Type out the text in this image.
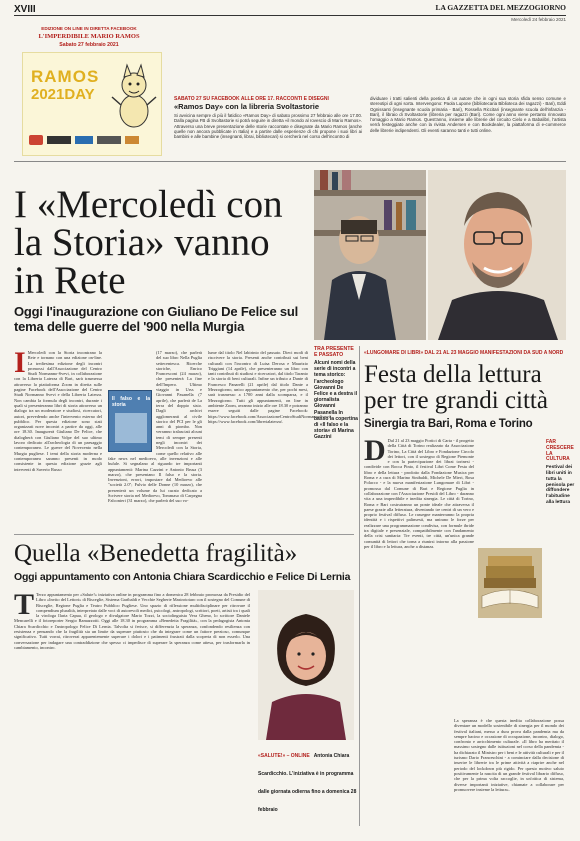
XVIII	LA GAZZETTA DEL MEZZOGIORNO
Mercoledì 24 febbraio 2021
EDIZIONE ON LINE IN DIRETTA FACEBOOK
L'IMPERDIBILE MARIO RAMOS
Sabato 27 febbraio 2021
RAMOS
2021DAY	SABATO 27 SU FACEBOOK ALLE ORE 17. RACCONTI E DISEGNI
«Ramos Day» con la libreria Svoltastorie
Si avvicina sempre di più il fatidico «Ramos Day» di sabato prossimo 27 febbraio alle ore 17.00. Dalla pagina FB di Svoltastorie si potrà seguire in diretta «il mondo al rovescio di Mario Ramos». Attraverso una breve presentazione delle storie raccontate e disegnate da Mario Ramos (anche quelle non ancora pubblicate in Italia) e a partire dalle esperienze di chi propone i suoi libri ai bambini e alle bambine (insegnanti, librai, bibliotecari) si cercherà nel corso dell'incontro di
dividuare i tratti salienti della poetica di un autore che in ogni sua storia sfida senso comune e stereotipi di ogni sorta. Intervengono: Paola Lupone (bibliotecaria Biblioteca dei ragazzi) - Bari), Eddi Ognissanti (insegnante scuola primaria - Bari), Rossella Riccitari (insegnante scuola dell'infanzia - Bari), il libraio di Svoltastorie (libreria per ragazzi (Bari). Come ogni anno viene pertanto rinnovato l'omaggio a Mario Ramos. Quest'anno, insieme alle librerie del circuito Cielo e a Babalibri, l'artista verrà festeggiato anche con la rivista Andersen e con Bookdealer, la piattaforma di e-commerce delle librerie indipendenti. Gli eventi saranno tanti e tutti online.
I «Mercoledì con la Storia» vanno in Rete
Oggi l'inaugurazione con Giuliano De Felice sul tema delle guerre del '900 nella Murgia
TRA PRESENTE E PASSATO
Alcuni nomi della serie di incontri a tema storico: l'archeologo Giovanni De Felice e a destra il giornalista Giovanni Pasanella In basso la copertina di «Il falso e la storia» di Marina Gazzini
I Mercoledì con la Storia incontrano la Rete e tornano con una edizione on-line. La trediesima edizione degli incontri promossi dall'Associazione del Centro Studi Normanno-Svevi, in collaborazione con la Libreria Laterza di Bari, sarà trasmessa attraverso la piattaforma Zoom in diretta sulle pagine Facebook dell'Associazione del Centro Studi Normanno Svevi e della Libreria Laterza. Non cambia la formula degli incontri, durante i quali si presenteranno libri di storia attraverso un dialogo tra un moderatore e studiosi, ricercatori, autori, prevedendo anche l'intervento esterno del pubblico. Per questa edizione sono stati organizzati nove incontri a partire da oggi, alle ore 18.30. Inaugurerà Giuliano De Felice, che dialogherà con Giuliano Volpe del suo ultimo lavoro dedicato all'archeologia di un paesaggio contemporaneo. Le guerre del Novecento nella Murgia pugliese. I temi della storia moderna e contemporanea saranno presenti in modo consistente in questa edizione grazie agli interventi di Saverio Russo
Il falso e la storia
(17 marzo), che parlerà del suo libro Nella Puglia settecentesca. Ricerche storiche, Enrico Francesconi (24 marzo), che presenterà La fine dell'Impero. Ultimo viaggio in Urss e Giovanni Pasanella (7 aprile), che parlerà de La terra del doppio sisto. Dagli archivi agglomeranti al civile storico del PCI per le gli anni di piombo. Non verranno tralasciati alcuni temi di sempre presenti negli incontri dei Mercoledì con la Storia, come quello relativo alle fake news nel medioevo, alle invenzioni e alle bufale. Si segnalano al riguardo tre importanti appuntamenti: Marina Cazzini e Antonio Brusa (3 marzo), che presentano Il falso e la storia. Invenzioni, errori, impostare dal Medioevo alle "società 2.0"; Fulvio delle Donne (10 marzo), che presenterà un volume da lui curato dedicato a Scrivere storia nel Medioevo, Tommaso di Carpegna Falconieri (31 marzo), che parlerà del suo vo-
lume dal titolo Nel labirinto del passato. Dieci modi di riscrivere la storia. Presenti anche contributi sui beni culturali con l'incontro di Luisa Derosa e Maurizio Triggiani (14 aprile), che presenteranno un libro con tanti contributi di studiosi e ricercatori, dal titolo Taranto e la storia di beni culturali. Infine un tributo a Dante di Francesco Panarelli (21 aprile) dal titolo Dante a Mezzogiorno, unico appuntamento che, per pochi mesi, sarà trasmesso a 1700 anni dalla scomparsa, e il Mezzogiorno. Tutti gli appuntamenti, on line in ambiente Zoom, avranno inizio alle ore 18.30 e potranno essere seguiti dalle pagine Facebook: https://www.facebook.com/AssociazioneCentroStudiNormannoSvevi/, https://www.facebook.com/librerialaterza/.
«LUNGOMARE DI LIBRI» DAL 21 AL 23 MAGGIO MANIFESTAZIONI DA SUD A NORD
Festa della lettura per tre grandi città
Sinergia tra Bari, Roma e Torino
D Dal 21 al 23 maggio Portici di Carta - il progetto della Città di Torino realizzato da Associazione Torino, La Città del Libro e Fondazione Circolo dei lettori, con il sostegno di Regione Piemonte e con la partecipazione dei librai torinesi - condivide con Rocca Pinto, il festival Libri Come Festa del libro e della lettura - prodotto dalla Fondazione Musica per Roma e a cura di Marino Sinibaldi, Michele De Mieri, Rosa Polacco - e la nuova manifestazione Lungomare di Libri - promossa dal Comune di Bari e Regione Puglia in collaborazione con l'Associazione Presidi del Libro - daranno vita a una imperdibile e inedita sinergia. Le città di Torino, Roma e Bari costruiranno un ponte ideale che attraversa il paese grazie alla letteratura, diventando tre centri di un vero e proprio festival diffuso. Le rassegne manterranno la propria identità e i rispettivi palinsesti, ma unirano le forze per realizzare una programmazione condivisa, con formule ibride tra digitale e presenziale, compatibilmente con l'andamento della crisi sanitaria: Tre eventi, tre città, un'unica grande comunità di lettori che torna a riunirsi intorno alla passione per il libro e la lettura, anche a distanza.
La speranza è che questa inedita collaborazione possa diventare un modello sostenibile di sinergia per il mondo dei festival italiani, messo a dura prova dalla pandemia ma da sempre bacino e occasione di occupazione, incontro, dialogo, confronto e arricchimento culturale. «Il libro ha meritato il massimo sostegno dalle istituzioni nel corso della pandemia - ha dichiarato il Ministro per i beni e le attività culturali e per il turismo Dario Franceschini - a cominciare dalla decisione di inserire le librerie tra le prime attività a riaprire anche nel periodo del lockdown più rigido. Per questo motivo saluto positivamente la nascita di un grande festival librario diffuso, che per la prima volta raccoglie, in un'ottica di sistema, diverse importanti iniziative, chiamate a collaborare per promuovere insieme la lettura».
FAR CRESCERE LA CULTURA
Festival dei libri uniti in tutta la penisola per diffondere l'abitudine alla lettura
Quella «Benedetta fragilità»
Oggi appuntamento con Antonia Chiara Scardicchio e Felice Di Lernia
T Terzo appuntamento per «Salute!» iniziativa online in programma fino a domenica 28 febbraio promossa da Presidio del Libro «Invito del Lettori» di Bisceglie, Sistema Garibaldi e Vecchie Segherie Mastrototaro con il sostegno del Comune di Bisceglie, Regione Puglia e Teatro Pubblico Pugliese. Uno spazio di riflessione multidisciplinare per ritrovare il compendium pluralità, interpretato dalle voci di autorevoli medici, psicologi, antropologi, scrittori, poeti, artisti tra i quali la virologa Ilaria Capua, il geologo e divulgatore Mario Tozzi, la sociolinguista Vera Gheno, lo scrittore Daniele Mencarelli e il fotoreporter Sergio Ramazzotti. Oggi alle 18.30 in programma «Benedetta Fragilità», con la pedagogista Antonia Chiara Scardicchio e l'antropologo Felice Di Lernia. Talvolta si ferisce, si differenzia la speranza, confondendo resilienza con resistenza e pensando che la fragilità sia un limite da superare piuttosto che da integrare come un fattore prezioso, comunque significativo. Tutti vorrai, ritroverai apparentemente superare i dolori e i patimenti frustrati dalla scoperta di non esserlo. Una conversazione per indagare una contraddizione che spesso ci impedisce di superare la speranza come attesa, per trasformarla in cambiamento, incontro.
«SALUTE!» – ONLINE Antonia Chiara Scardicchio. L'iniziativa è in programma dalle giornata odierna fino a domenica 28 febbraio
